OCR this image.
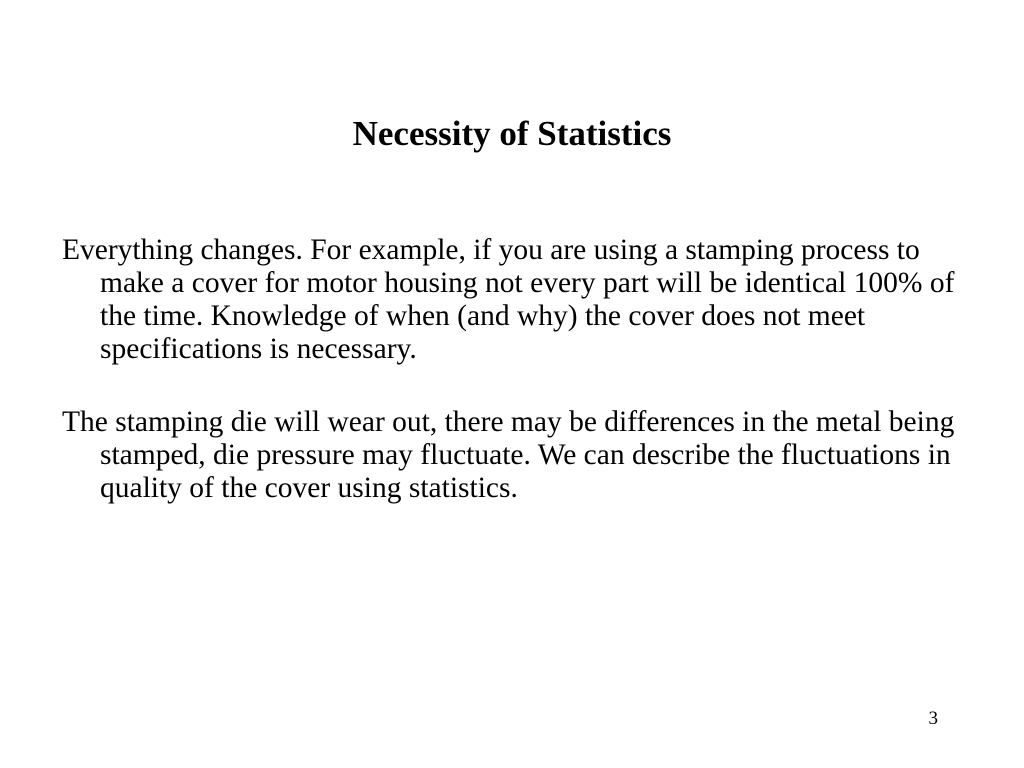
Necessity of Statistics

Everything changes. For example, if you are using a stamping process to make a cover for motor housing not every part will be identical 100% of the time. Knowledge of when (and why) the cover does not meet specifications is necessary.

The stamping die will wear out, there may be differences in the metal being stamped, die pressure may fluctuate. We can describe the fluctuations in quality of the cover using statistics.

3
